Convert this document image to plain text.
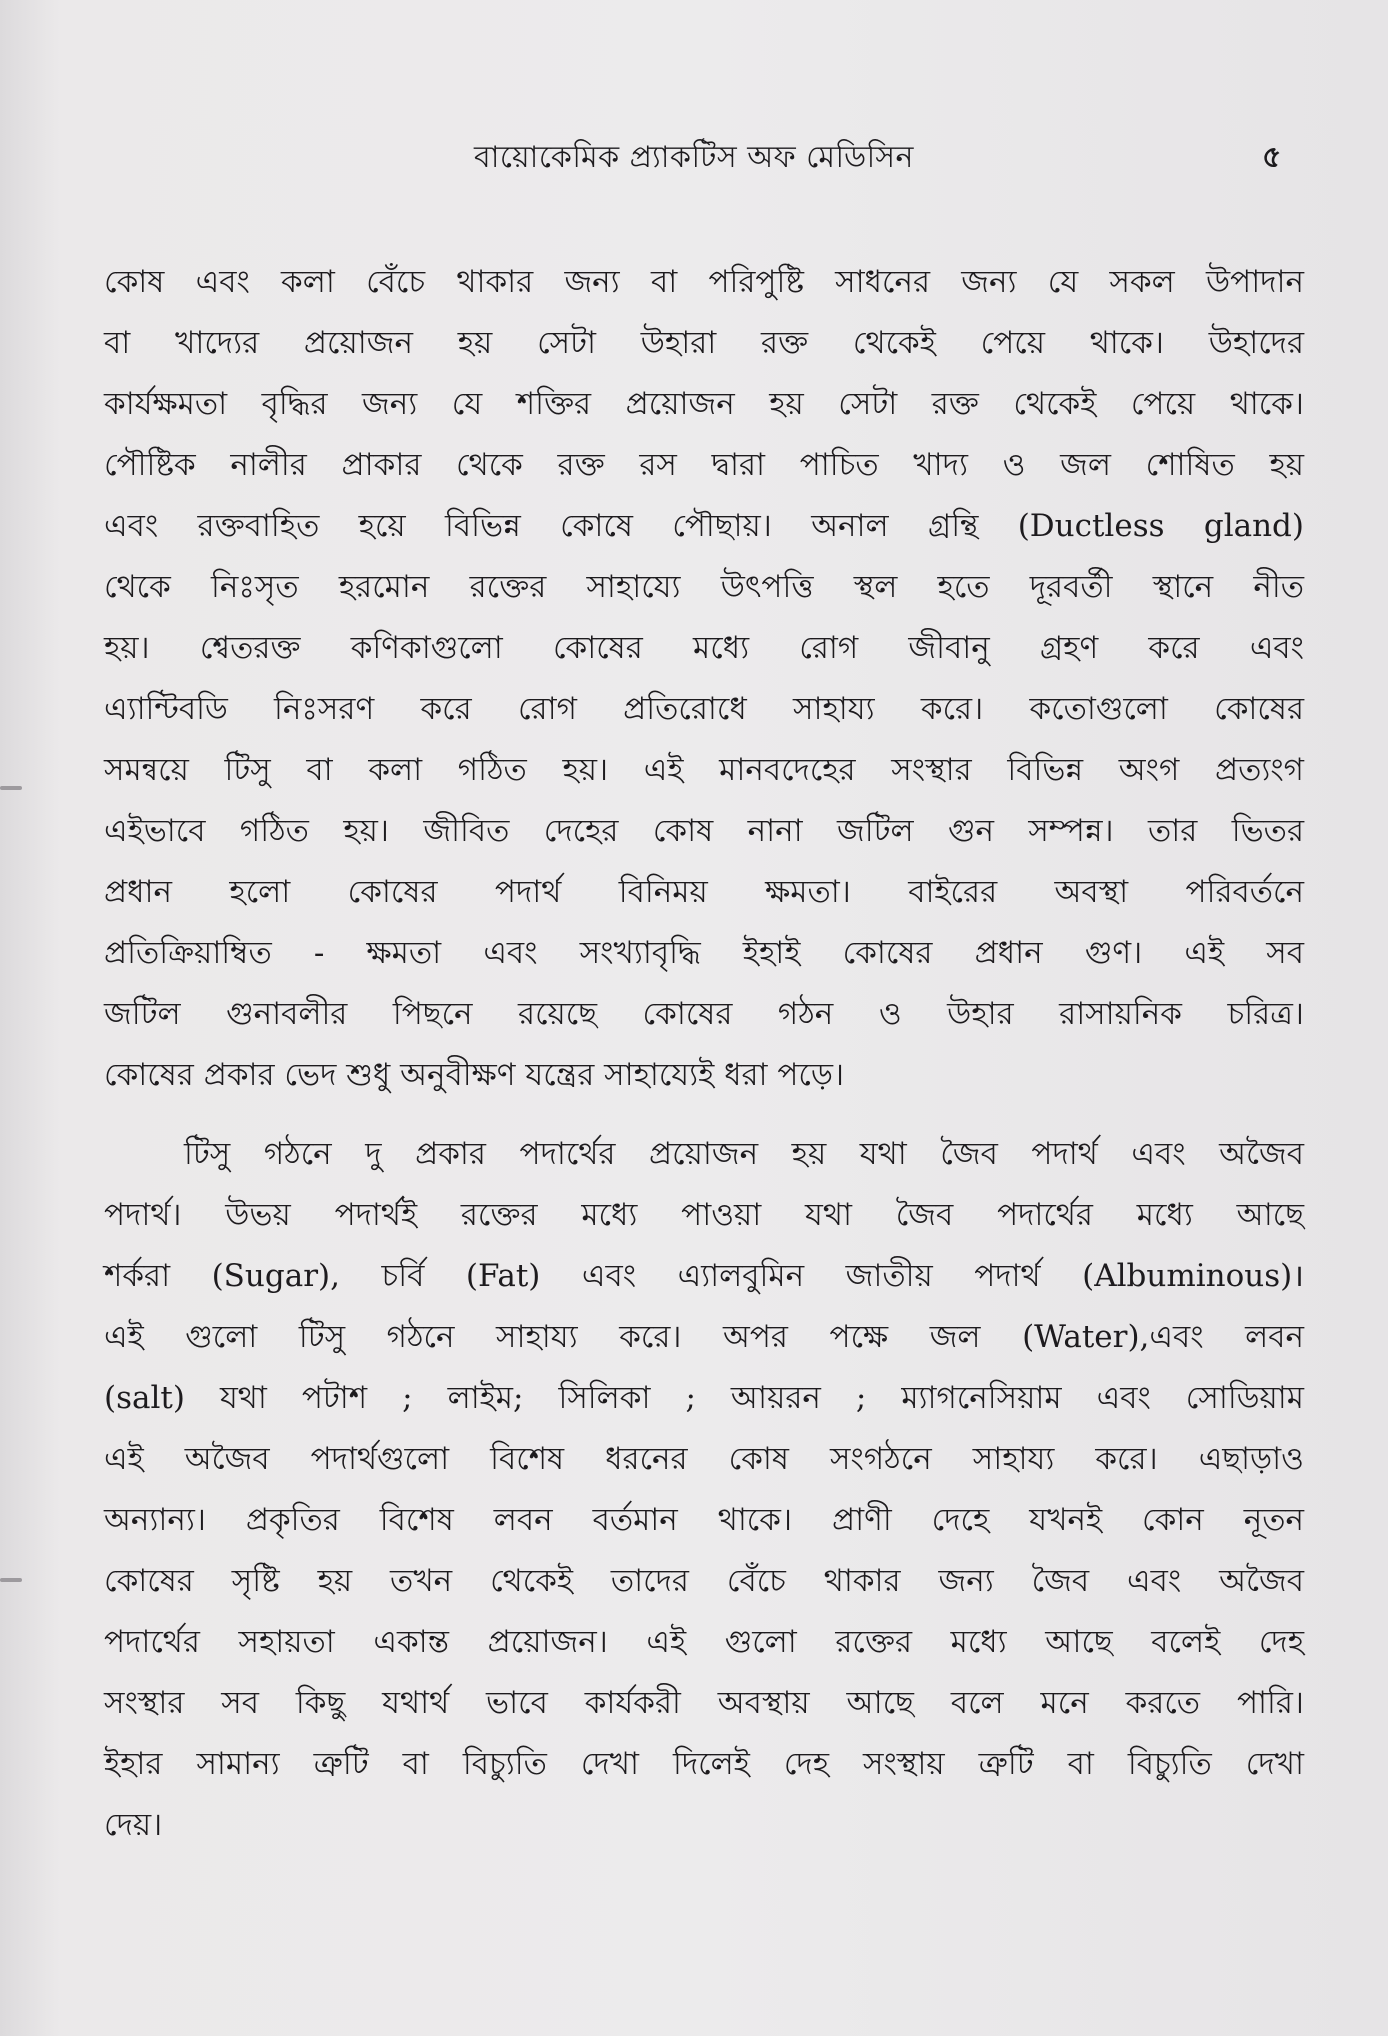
বায়োকেমিক প্র্যাকটিস অফ মেডিসিন	৫
কোষ এবং কলা বেঁচে থাকার জন্য বা পরিপুষ্টি সাধনের জন্য যে সকল উপাদান
বা খাদ্যের প্রয়োজন হয় সেটা উহারা রক্ত থেকেই পেয়ে থাকে। উহাদের
কার্যক্ষমতা বৃদ্ধির জন্য যে শক্তির প্রয়োজন হয় সেটা রক্ত থেকেই পেয়ে থাকে।
পৌষ্টিক নালীর প্রাকার থেকে রক্ত রস দ্বারা পাচিত খাদ্য ও জল শোষিত হয়
এবং রক্তবাহিত হয়ে বিভিন্ন কোষে পৌছায়। অনাল গ্রন্থি (Ductless gland)
থেকে নিঃসৃত হরমোন রক্তের সাহায্যে উৎপত্তি স্থল হতে দূরবর্তী স্থানে নীত
হয়। শ্বেতরক্ত কণিকাগুলো কোষের মধ্যে রোগ জীবানু গ্রহণ করে এবং
এ্যান্টিবডি নিঃসরণ করে রোগ প্রতিরোধে সাহায্য করে। কতোগুলো কোষের
সমন্বয়ে টিসু বা কলা গঠিত হয়। এই মানবদেহের সংস্থার বিভিন্ন অংগ প্রত্যংগ
এইভাবে গঠিত হয়। জীবিত দেহের কোষ নানা জটিল গুন সম্পন্ন। তার ভিতর
প্রধান হলো কোষের পদার্থ বিনিময় ক্ষমতা। বাইরের অবস্থা পরিবর্তনে
প্রতিক্রিয়াম্বিত - ক্ষমতা এবং সংখ্যাবৃদ্ধি ইহাই কোষের প্রধান গুণ। এই সব
জটিল গুনাবলীর পিছনে রয়েছে কোষের গঠন ও উহার রাসায়নিক চরিত্র।
কোষের প্রকার ভেদ শুধু অনুবীক্ষণ যন্ত্রের সাহায্যেই ধরা পড়ে।
টিসু গঠনে দু প্রকার পদার্থের প্রয়োজন হয় যথা জৈব পদার্থ এবং অজৈব
পদার্থ। উভয় পদার্থই রক্তের মধ্যে পাওয়া যথা জৈব পদার্থের মধ্যে আছে
শর্করা (Sugar), চর্বি (Fat) এবং এ্যালবুমিন জাতীয় পদার্থ (Albuminous)।
এই গুলো টিসু গঠনে সাহায্য করে। অপর পক্ষে জল (Water),এবং লবন
(salt) যথা পটাশ ; লাইম; সিলিকা ; আয়রন ; ম্যাগনেসিয়াম এবং সোডিয়াম
এই অজৈব পদার্থগুলো বিশেষ ধরনের কোষ সংগঠনে সাহায্য করে। এছাড়াও
অন্যান্য। প্রকৃতির বিশেষ লবন বর্তমান থাকে। প্রাণী দেহে যখনই কোন নূতন
কোষের সৃষ্টি হয় তখন থেকেই তাদের বেঁচে থাকার জন্য জৈব এবং অজৈব
পদার্থের সহায়তা একান্ত প্রয়োজন। এই গুলো রক্তের মধ্যে আছে বলেই দেহ
সংস্থার সব কিছু যথার্থ ভাবে কার্যকরী অবস্থায় আছে বলে মনে করতে পারি।
ইহার সামান্য ত্রুটি বা বিচ্যুতি দেখা দিলেই দেহ সংস্থায় ত্রুটি বা বিচ্যুতি দেখা
দেয়।
